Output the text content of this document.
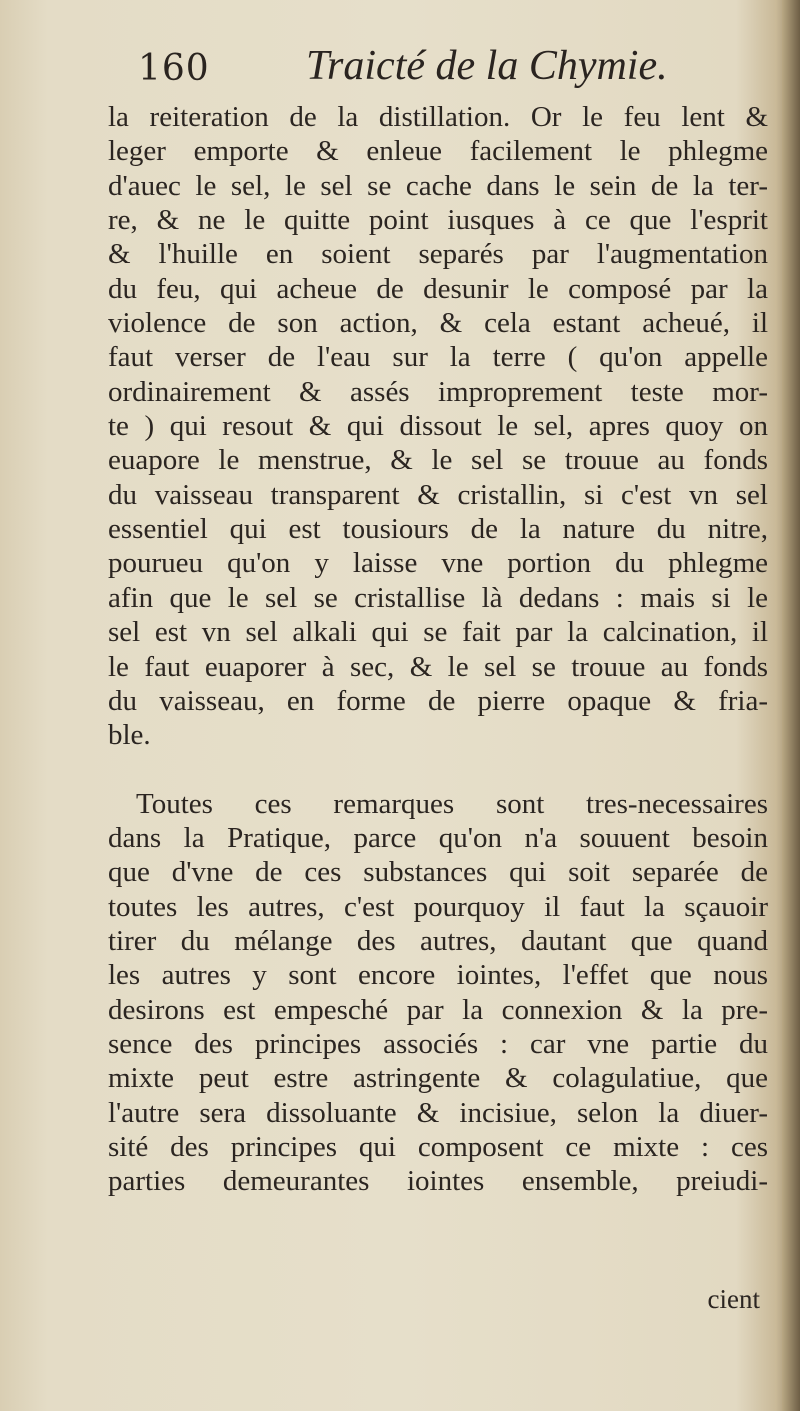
160 Traicté de la Chymie.
la reiteration de la distillation. Or le feu lent &
leger emporte & enleue facilement le phlegme
d'auec le sel, le sel se cache dans le sein de la ter-
re, & ne le quitte point iusques à ce que l'esprit
& l'huille en soient separés par l'augmentation
du feu, qui acheue de desunir le composé par la
violence de son action, & cela estant acheué, il
faut verser de l'eau sur la terre ( qu'on appelle
ordinairement & assés improprement teste mor-
te ) qui resout & qui dissout le sel, apres quoy on
euapore le menstrue, & le sel se trouue au fonds
du vaisseau transparent & cristallin, si c'est vn sel
essentiel qui est tousiours de la nature du nitre,
pourueu qu'on y laisse vne portion du phlegme
afin que le sel se cristallise là dedans : mais si le
sel est vn sel alkali qui se fait par la calcination, il
le faut euaporer à sec, & le sel se trouue au fonds
du vaisseau, en forme de pierre opaque & fria-
ble.
Toutes ces remarques sont tres-necessaires
dans la Pratique, parce qu'on n'a souuent besoin
que d'vne de ces substances qui soit separée de
toutes les autres, c'est pourquoy il faut la sçauoir
tirer du mélange des autres, dautant que quand
les autres y sont encore iointes, l'effet que nous
desirons est empesché par la connexion & la pre-
sence des principes associés : car vne partie du
mixte peut estre astringente & colagulatiue, que
l'autre sera dissoluante & incisiue, selon la diuer-
sité des principes qui composent ce mixte : ces
parties demeurantes iointes ensemble, preiudi-
cient
